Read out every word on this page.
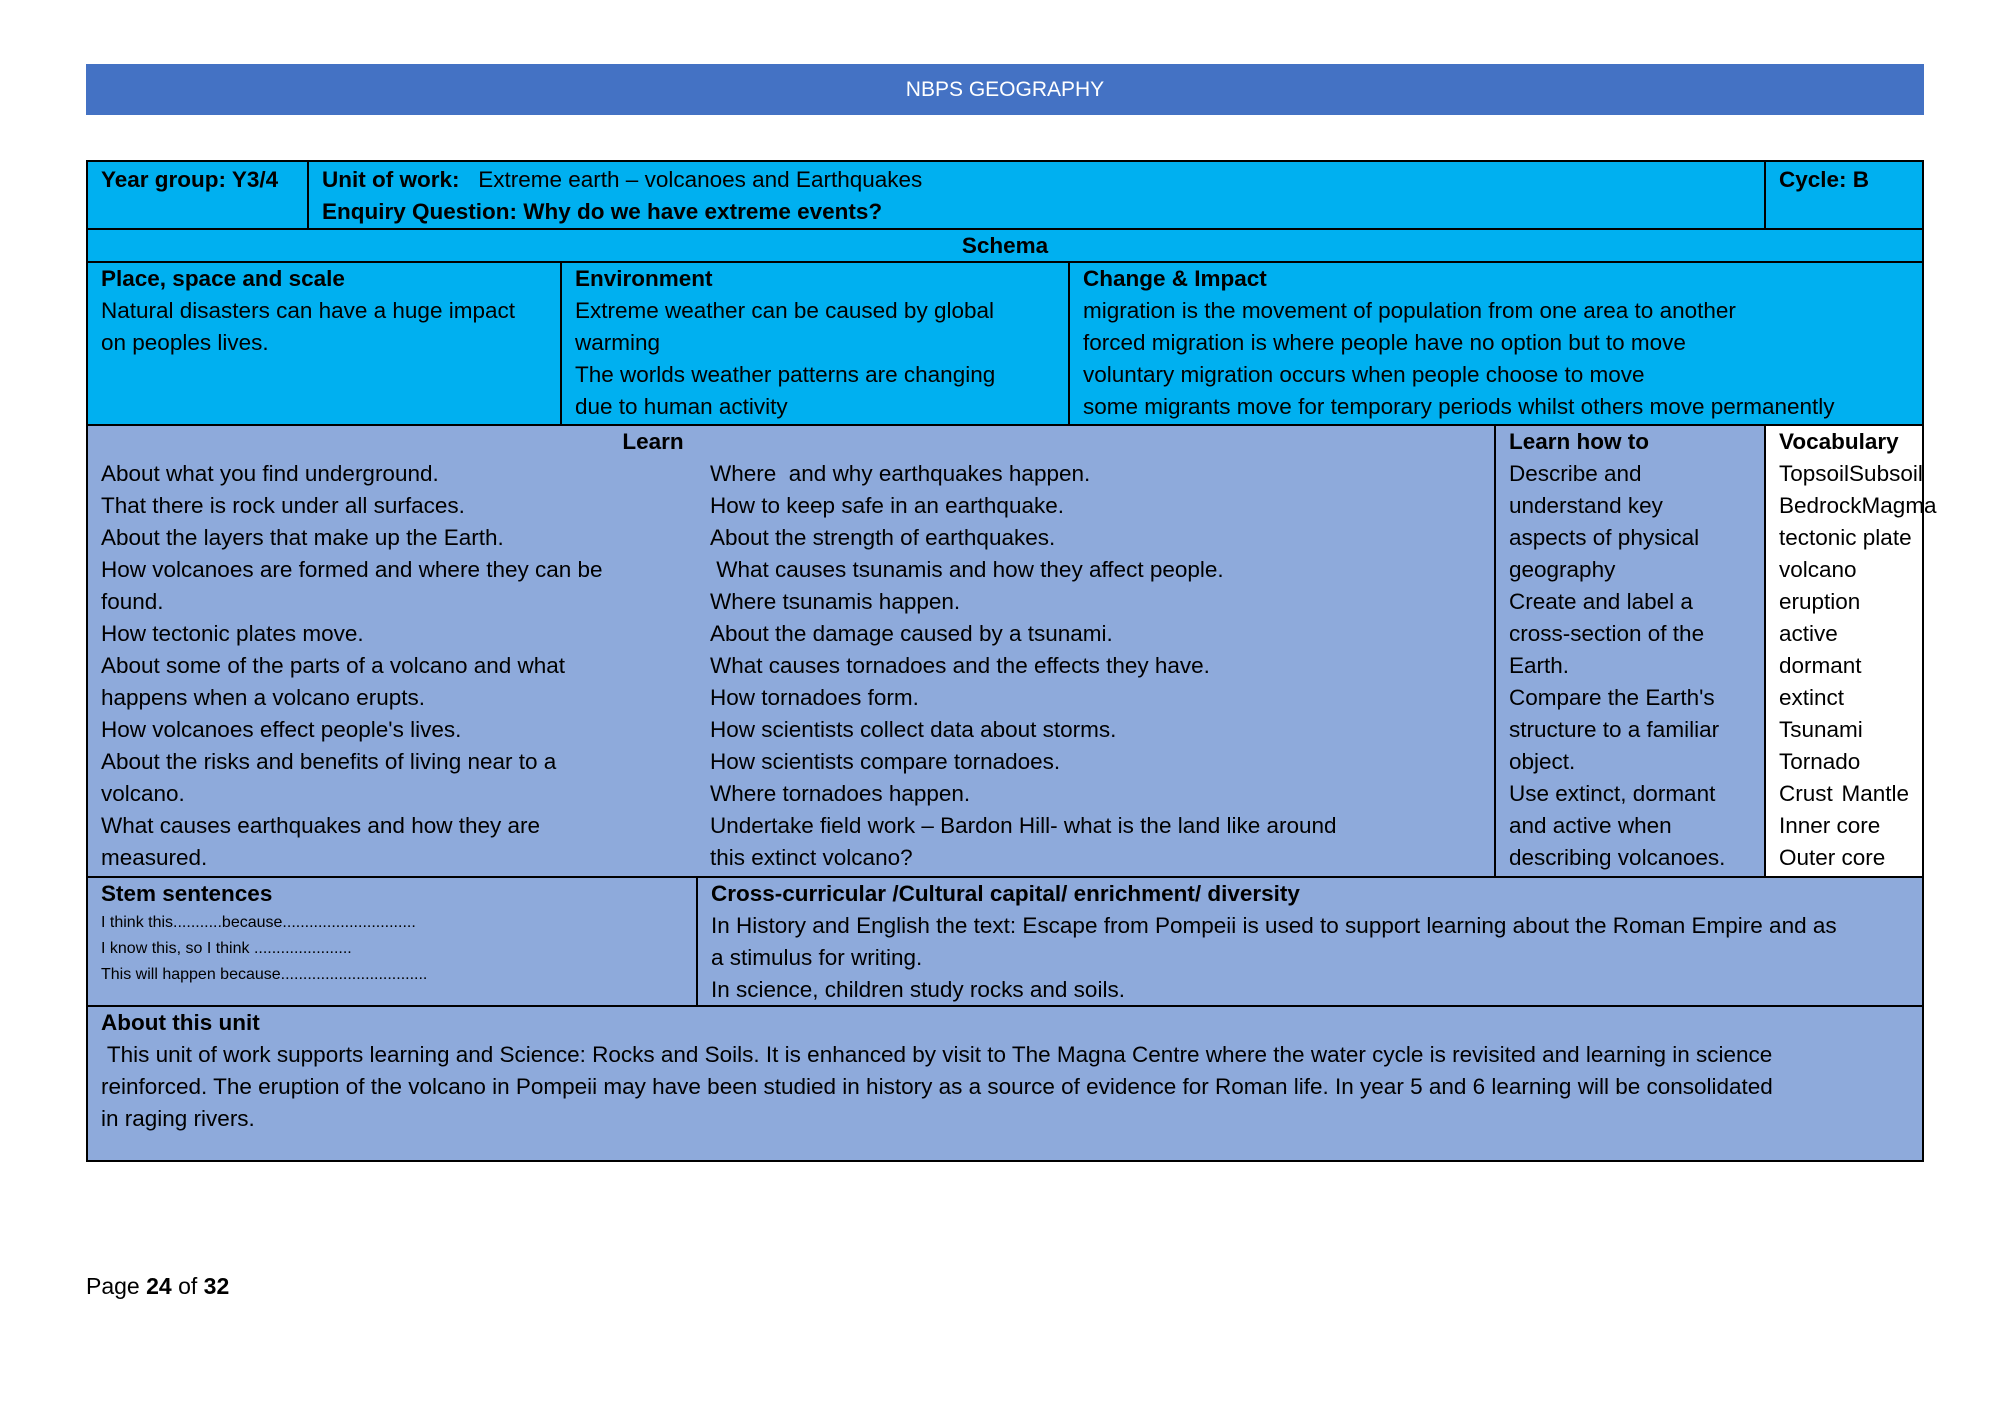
NBPS GEOGRAPHY
Year group: Y3/4	Unit of work: Extreme earth – volcanoes and Earthquakes
Enquiry Question: Why do we have extreme events?
Cycle: B
Schema
Place, space and scale
Natural disasters can have a huge impact
on peoples lives.
Environment
Extreme weather can be caused by global
warming
The worlds weather patterns are changing
due to human activity
Change & Impact
migration is the movement of population from one area to another
forced migration is where people have no option but to move
voluntary migration occurs when people choose to move
some migrants move for temporary periods whilst others move permanently
Learn
About what you find underground.
That there is rock under all surfaces.
About the layers that make up the Earth.
How volcanoes are formed and where they can be
found.
How tectonic plates move.
About some of the parts of a volcano and what
happens when a volcano erupts.
How volcanoes effect people's lives.
About the risks and benefits of living near to a
volcano.
What causes earthquakes and how they are
measured.
Where  and why earthquakes happen.
How to keep safe in an earthquake.
About the strength of earthquakes.
What causes tsunamis and how they affect people.
Where tsunamis happen.
About the damage caused by a tsunami.
What causes tornadoes and the effects they have.
How tornadoes form.
How scientists collect data about storms.
How scientists compare tornadoes.
Where tornadoes happen.
Undertake field work – Bardon Hill- what is the land like around
this extinct volcano?
Learn how to
Describe and
understand key
aspects of physical
geography
Create and label a
cross-section of the
Earth.
Compare the Earth's
structure to a familiar
object.
Use extinct, dormant
and active when
describing volcanoes.
Vocabulary
Topsoil Subsoil
Bedrock Magma
tectonic plate
volcano
eruption
active
dormant
extinct
Tsunami
Tornado
Crust Mantle
Inner core
Outer core
Stem sentences
I think this...........because..............................
I know this, so I think ......................
This will happen because.................................
Cross-curricular /Cultural capital/ enrichment/ diversity
In History and English the text: Escape from Pompeii is used to support learning about the Roman Empire and as
a stimulus for writing.
In science, children study rocks and soils.
About this unit
This unit of work supports learning and Science: Rocks and Soils. It is enhanced by visit to The Magna Centre where the water cycle is revisited and learning in science
reinforced. The eruption of the volcano in Pompeii may have been studied in history as a source of evidence for Roman life. In year 5 and 6 learning will be consolidated
in raging rivers.
Page 24 of 32
